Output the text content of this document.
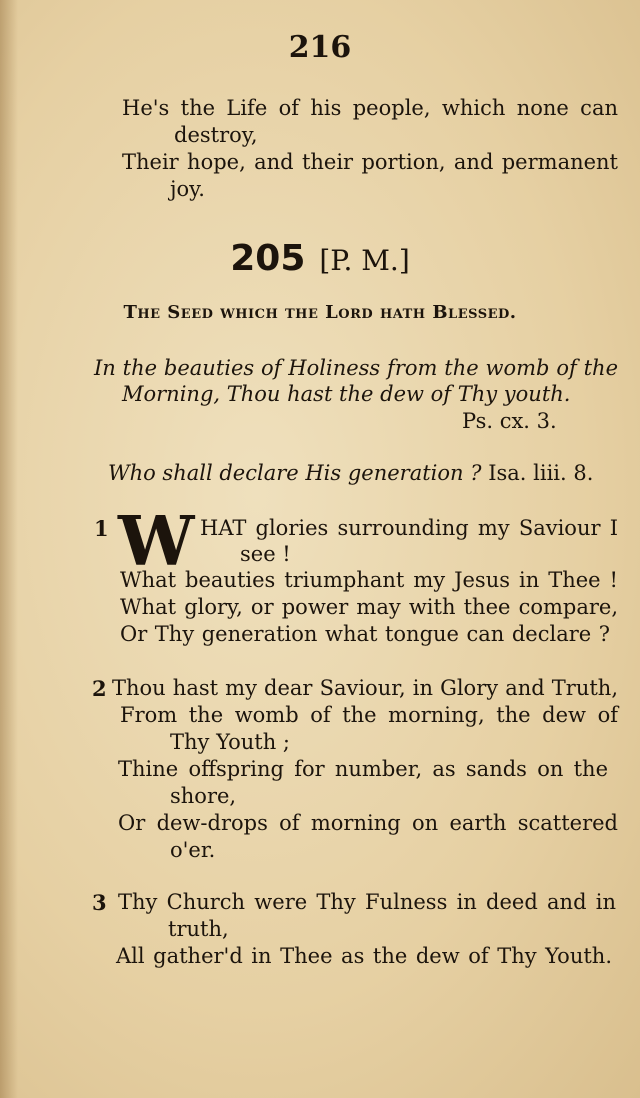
216
He's the Life of his people, which none can
destroy,
Their hope, and their portion, and permanent
joy.
205 [P. M.]
The Seed which the Lord hath Blessed.
In the beauties of Holiness from the womb of the
Morning, Thou hast the dew of Thy youth.
Ps. cx. 3.
Who shall declare His generation ? Isa. liii. 8.
1 W HAT glories surrounding my Saviour I
see !
What beauties triumphant my Jesus in Thee !
What glory, or power may with thee compare,
Or Thy generation what tongue can declare ?
2 Thou hast my dear Saviour, in Glory and Truth,
From the womb of the morning, the dew of
Thy Youth ;
Thine offspring for number, as sands on the
shore,
Or dew-drops of morning on earth scattered
o'er.
3 Thy Church were Thy Fulness in deed and in
truth,
All gather'd in Thee as the dew of Thy Youth.
